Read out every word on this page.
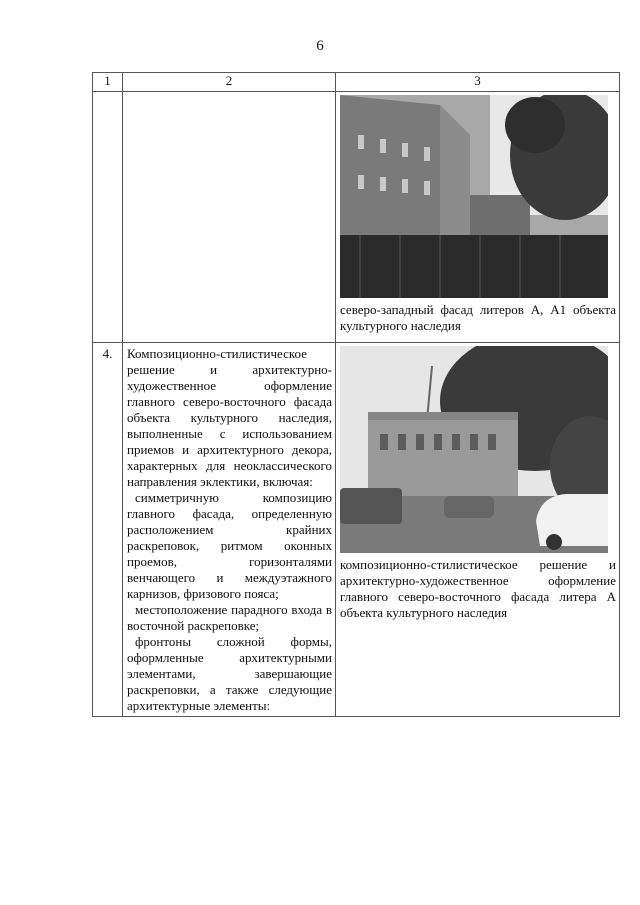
6
1	2	3

		северо-западный фасад литеров А, А1 объекта культурного наследия

4.	Композиционно-стилистическое решение и архитектурно-художественное оформление главного северо-восточного фасада объекта культурного наследия, выполненные с использованием приемов и архитектурного декора, характерных для неоклассического направления эклектики, включая:

симметричную композицию главного фасада, определенную расположением крайних раскреповок, ритмом оконных проемов, горизонталями венчающего и междуэтажного карнизов, фризового пояса;

местоположение парадного входа в восточной раскреповке;

фронтоны сложной формы, оформленные архитектурными элементами, завершающие раскреповки, а также следующие архитектурные элементы:	композиционно-стилистическое решение и архитектурно-художественное оформление главного северо-восточного фасада литера А объекта культурного наследия
